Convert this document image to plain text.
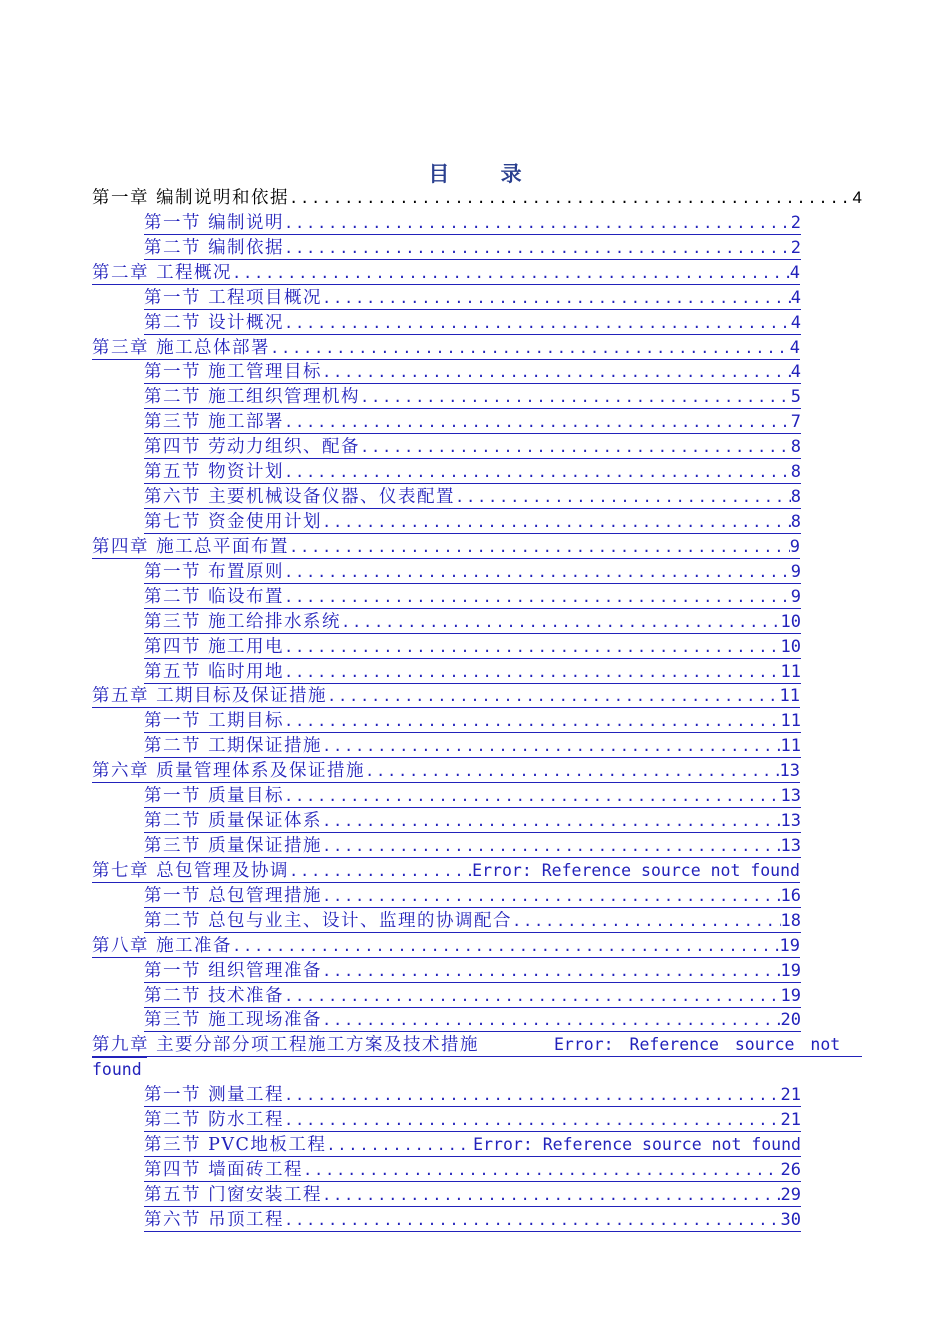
目 录
第一章 编制说明和依据 .....	4
第一节 编制说明 .....	2
第二节 编制依据 .....	2
第二章 工程概况 .....	4
第一节 工程项目概况 .....	4
第二节 设计概况 .....	4
第三章 施工总体部署 .....	4
第一节 施工管理目标 .....	4
第二节 施工组织管理机构 .....	5
第三节 施工部署 .....	7
第四节 劳动力组织、配备 .....	8
第五节 物资计划 .....	8
第六节 主要机械设备仪器、仪表配置 .....	8
第七节 资金使用计划 .....	8
第四章 施工总平面布置 .....	9
第一节 布置原则 .....	9
第二节 临设布置 .....	9
第三节 施工给排水系统 .....	10
第四节 施工用电 .....	10
第五节 临时用地 .....	11
第五章 工期目标及保证措施 .....	11
第一节 工期目标 .....	11
第二节 工期保证措施 .....	11
第六章 质量管理体系及保证措施 .....	13
第一节 质量目标 .....	13
第二节 质量保证体系 .....	13
第三节 质量保证措施 .....	13
第七章 总包管理及协调 .....	Error: Reference source not found
第一节 总包管理措施 .....	16
第二节 总包与业主、设计、监理的协调配合 .....	18
第八章 施工准备 .....	19
第一节 组织管理准备 .....	19
第二节 技术准备 .....	19
第三节 施工现场准备 .....	20
第九章 主要分部分项工程施工方案及技术措施	Error: Reference source not found
第一节 测量工程 .....	21
第二节 防水工程 .....	21
第三节 PVC地板工程 .....	Error: Reference source not found
第四节 墙面砖工程 .....	26
第五节 门窗安装工程 .....	29
第六节 吊顶工程 .....	30
